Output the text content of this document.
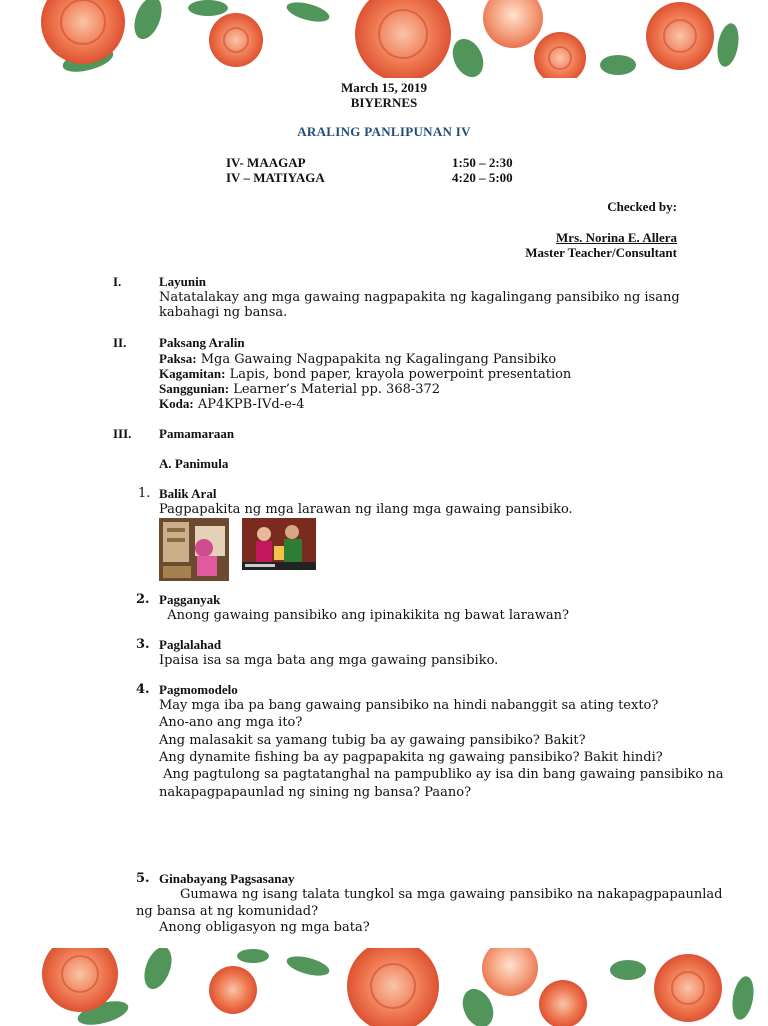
March 15, 2019
BIYERNES
ARALING PANLIPUNAN IV
IV- MAAGAP	1:50 – 2:30
IV – MATIYAGA	4:20 – 5:00
Checked by:
Mrs. Norina E. Allera
Master Teacher/Consultant
I.	Layunin
Natatalakay ang mga gawaing nagpapakita ng kagalingang pansibiko ng isang
kabahagi ng bansa.
II.	Paksang Aralin
Paksa: Mga Gawaing Nagpapakita ng Kagalingang Pansibiko
Kagamitan: Lapis, bond paper, krayola powerpoint presentation
Sanggunian: Learner’s Material pp. 368-372
Koda: AP4KPB-IVd-e-4
III. Pamamaraan
A. Panimula
1. Balik Aral
Pagpapakita ng mga larawan ng ilang mga gawaing pansibiko.
2. Pagganyak
Anong gawaing pansibiko ang ipinakikita ng bawat larawan?
3. Paglalahad
Ipaisa isa sa mga bata ang mga gawaing pansibiko.
4. Pagmomodelo
May mga iba pa bang gawaing pansibiko na hindi nabanggit sa ating texto?
Ano-ano ang mga ito?
Ang malasakit sa yamang tubig ba ay gawaing pansibiko? Bakit?
Ang dynamite fishing ba ay pagpapakita ng gawaing pansibiko? Bakit hindi?
Ang pagtulong sa pagtatanghal na pampubliko ay isa din bang gawaing pansibiko na
nakapagpapaunlad ng sining ng bansa? Paano?
5. Ginabayang Pagsasanay
Gumawa ng isang talata tungkol sa mga gawaing pansibiko na nakapagpapaunlad
ng bansa at ng komunidad?
Anong obligasyon ng mga bata?
